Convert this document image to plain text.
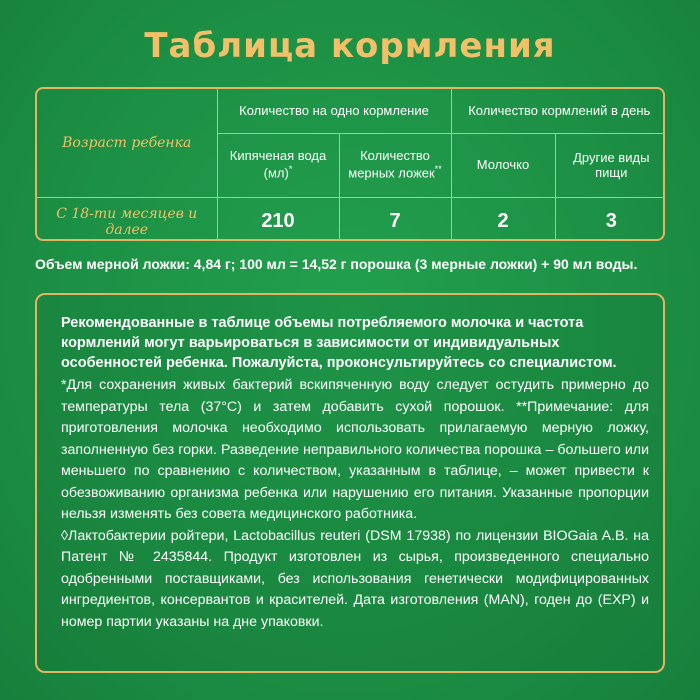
Таблица кормления
Возраст ребенка	Количество на одно кормление		Количество кормлений в день	
	Кипяченая вода (мл)*	Количество мерных ложек**	Молочко	Другие виды пищи
С 18-ти месяцев и далее	210	7	2	3
Объем мерной ложки: 4,84 г; 100 мл = 14,52 г порошка (3 мерные ложки) + 90 мл воды.

Рекомендованные в таблице объемы потребляемого молочка и частота кормлений могут варьироваться в зависимости от индивидуальных особенностей ребенка. Пожалуйста, проконсультируйтесь со специалистом.

*Для сохранения живых бактерий вскипяченную воду следует остудить примерно до температуры тела (37°С) и затем добавить сухой порошок. **Примечание: для приготовления молочка необходимо использовать прилагаемую мерную ложку, заполненную без горки. Разведение неправильного количества порошка – большего или меньшего по сравнению с количеством, указанным в таблице, – может привести к обезвоживанию организма ребенка или нарушению его питания. Указанные пропорции нельзя изменять без совета медицинского работника.

◊Лактобактерии ройтери, Lactobacillus reuteri (DSM 17938) по лицензии BIOGaia A.B. на Патент № 2435844. Продукт изготовлен из сырья, произведенного специально одобренными поставщиками, без использования генетически модифицированных ингредиентов, консервантов и красителей. Дата изготовления (MAN), годен до (EXP) и номер партии указаны на дне упаковки.
